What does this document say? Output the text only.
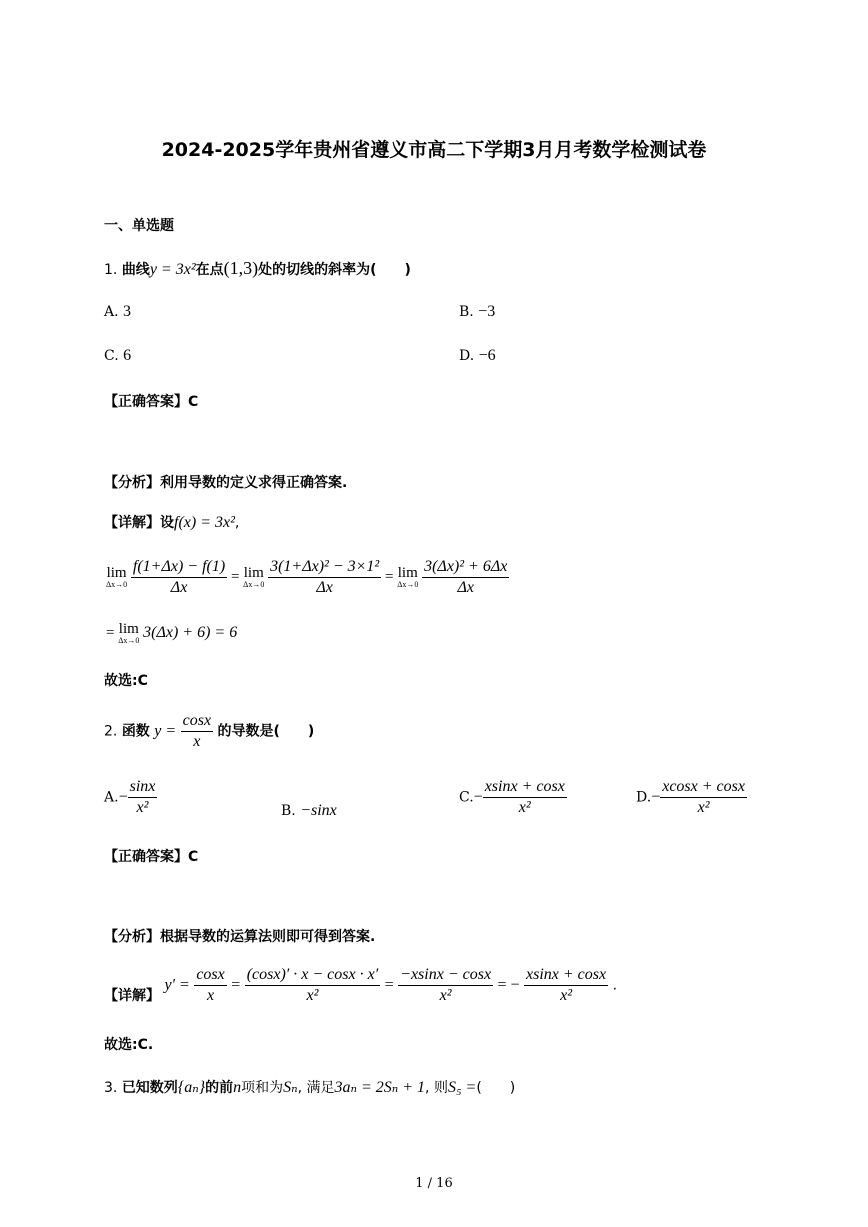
2024-2025学年贵州省遵义市高二下学期3月月考数学检测试卷
一、单选题
1. 曲线y = 3x²在点(1,3)处的切线的斜率为(　　)
A. 3	B. −3
C. 6	D. −6
【正确答案】C
【分析】利用导数的定义求得正确答案.
【详解】设f(x) = 3x²,
lim
Δx→0
$\frac{f(1+\Delta x) - f(1)}{\Delta x} = \lim$
Δx→0
$\frac{\text{3(1+Δx)² − 3×1²}}{\Delta x} = \lim$
Δx→0
$\frac{\text{3(Δx)² + 6Δx}}{\Delta x}$
= lim
Δx→0 3(Δx) + 6) = 6
故选:C
2. 函数 $y = \frac{\cos x}{x}$ 的导数是(　　)
$A.- \frac{\sin x}{\text{x²}}$	B. −sinx
$C.- \frac{xsinx + \cos x}{\text{x²}}$	$D.- \frac{xcosx + \cos x}{\text{x²}}$
【正确答案】C
【分析】根据导数的运算法则即可得到答案.
【详解】 $y' = \frac{\cos x}{x} = \frac{(\cos x)' \cdot x - \cos x \cdot x'}{\text{x²}} = \frac{-xsinx - \cos x}{\text{x²}}$ = − $\frac{xsinx + \cos x}{\text{x²}}$ .
故选:C.
3. 已知数列{aₙ}的前n项和为Sₙ, 满足3aₙ = 2Sₙ + 1, 则S₅ =(　　)
1 / 16
